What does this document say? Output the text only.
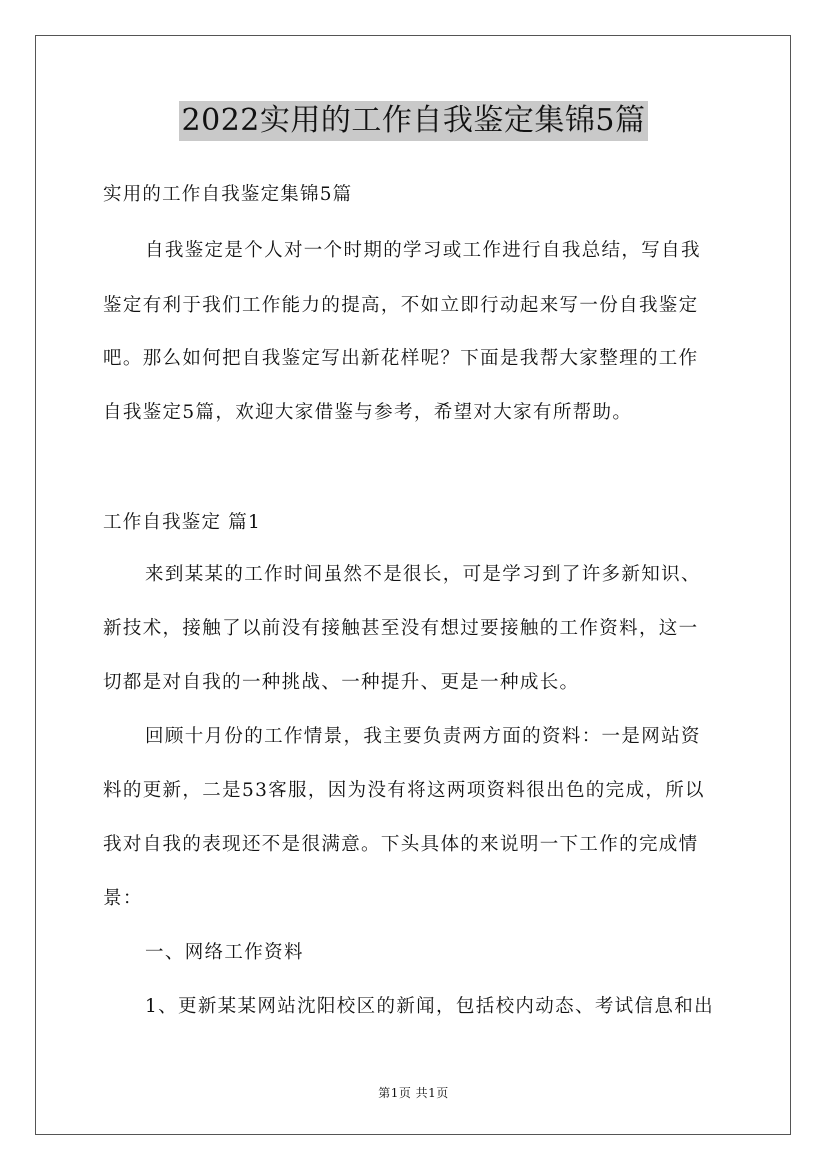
2022实用的工作自我鉴定集锦5篇

实用的工作自我鉴定集锦5篇

自我鉴定是个人对一个时期的学习或工作进行自我总结，写自我

鉴定有利于我们工作能力的提高，不如立即行动起来写一份自我鉴定

吧。那么如何把自我鉴定写出新花样呢？下面是我帮大家整理的工作

自我鉴定5篇，欢迎大家借鉴与参考，希望对大家有所帮助。

工作自我鉴定 篇1

来到某某的工作时间虽然不是很长，可是学习到了许多新知识、

新技术，接触了以前没有接触甚至没有想过要接触的工作资料，这一

切都是对自我的一种挑战、一种提升、更是一种成长。

回顾十月份的工作情景，我主要负责两方面的资料：一是网站资

料的更新，二是53客服，因为没有将这两项资料很出色的完成，所以

我对自我的表现还不是很满意。下头具体的来说明一下工作的完成情

景：

一、网络工作资料

1、更新某某网站沈阳校区的新闻，包括校内动态、考试信息和出

第1页 共1页
